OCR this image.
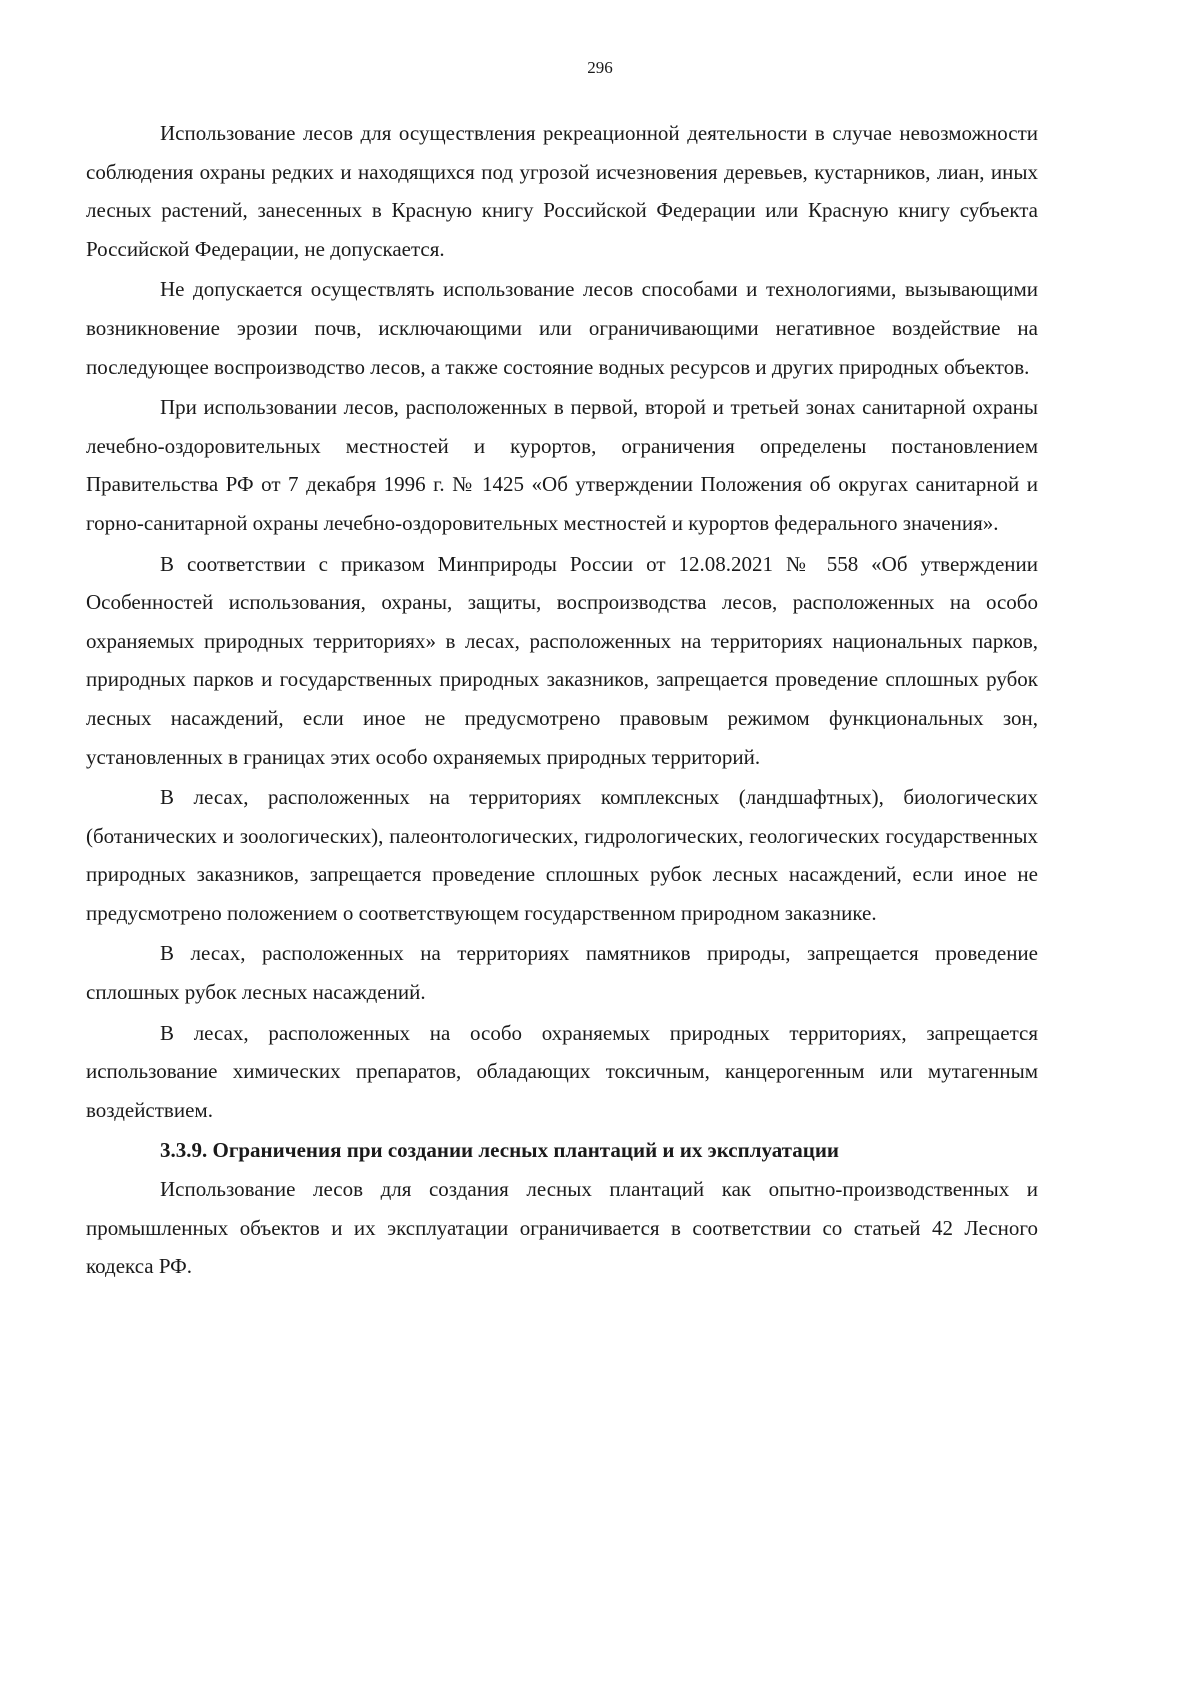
296

Использование лесов для осуществления рекреационной деятельности в случае невозможности соблюдения охраны редких и находящихся под угрозой исчезновения деревьев, кустарников, лиан, иных лесных растений, занесенных в Красную книгу Российской Федерации или Красную книгу субъекта Российской Федерации, не допускается.

Не допускается осуществлять использование лесов способами и технологиями, вызывающими возникновение эрозии почв, исключающими или ограничивающими негативное воздействие на последующее воспроизводство лесов, а также состояние водных ресурсов и других природных объектов.

При использовании лесов, расположенных в первой, второй и третьей зонах санитарной охраны лечебно-оздоровительных местностей и курортов, ограничения определены постановлением Правительства РФ от 7 декабря 1996 г. № 1425 «Об утверждении Положения об округах санитарной и горно-санитарной охраны лечебно-оздоровительных местностей и курортов федерального значения».

В соответствии с приказом Минприроды России от 12.08.2021 № 558 «Об утверждении Особенностей использования, охраны, защиты, воспроизводства лесов, расположенных на особо охраняемых природных территориях» в лесах, расположенных на территориях национальных парков, природных парков и государственных природных заказников, запрещается проведение сплошных рубок лесных насаждений, если иное не предусмотрено правовым режимом функциональных зон, установленных в границах этих особо охраняемых природных территорий.

В лесах, расположенных на территориях комплексных (ландшафтных), биологических (ботанических и зоологических), палеонтологических, гидрологических, геологических государственных природных заказников, запрещается проведение сплошных рубок лесных насаждений, если иное не предусмотрено положением о соответствующем государственном природном заказнике.

В лесах, расположенных на территориях памятников природы, запрещается проведение сплошных рубок лесных насаждений.

В лесах, расположенных на особо охраняемых природных территориях, запрещается использование химических препаратов, обладающих токсичным, канцерогенным или мутагенным воздействием.

3.3.9. Ограничения при создании лесных плантаций и их эксплуатации

Использование лесов для создания лесных плантаций как опытно-производственных и промышленных объектов и их эксплуатации ограничивается в соответствии со статьей 42 Лесного кодекса РФ.
